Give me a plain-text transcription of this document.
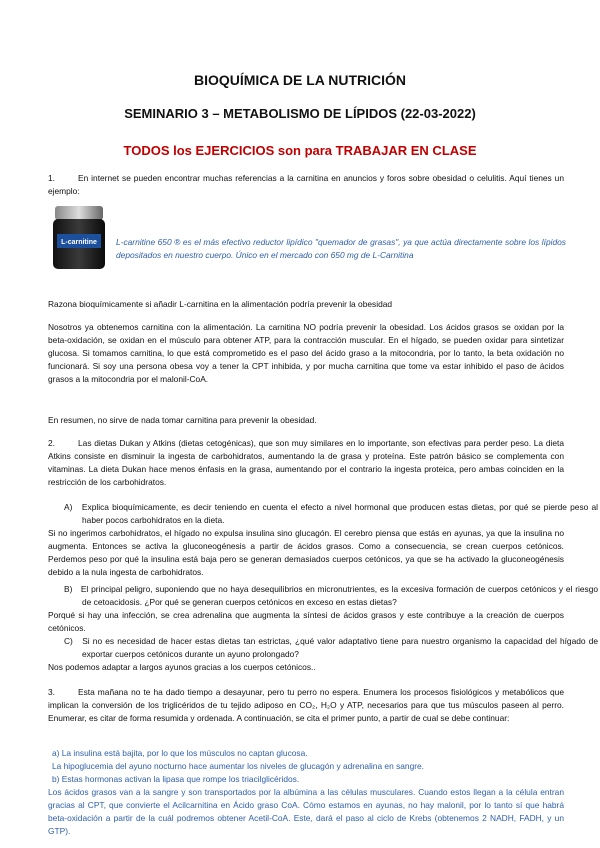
BIOQUÍMICA DE LA NUTRICIÓN
SEMINARIO 3 – METABOLISMO DE LÍPIDOS (22-03-2022)
TODOS los EJERCICIOS son para TRABAJAR EN CLASE
1.	En internet se pueden encontrar muchas referencias a la carnitina en anuncios y foros sobre obesidad o celulitis. Aquí tienes un ejemplo:
L-carnitine L-carnitine 650 ® es el más efectivo reductor lipídico "quemador de grasas", ya que actúa directamente sobre los lípidos depositados en nuestro cuerpo. Único en el mercado con 650 mg de L-Carnitina
Razona bioquímicamente si añadir L-carnitina en la alimentación podría prevenir la obesidad
Nosotros ya obtenemos carnitina con la alimentación. La carnitina NO podría prevenir la obesidad. Los ácidos grasos se oxidan por la beta-oxidación, se oxidan en el músculo para obtener ATP, para la contracción muscular. En el hígado, se pueden oxidar para sintetizar glucosa. Si tomamos carnitina, lo que está comprometido es el paso del ácido graso a la mitocondria, por lo tanto, la beta oxidación no funcionará. Si soy una persona obesa voy a tener la CPT inhibida, y por mucha carnitina que tome va estar inhibido el paso de ácidos grasos a la mitocondria por el malonil-CoA.
En resumen, no sirve de nada tomar carnitina para prevenir la obesidad.
2.	Las dietas Dukan y Atkins (dietas cetogénicas), que son muy similares en lo importante, son efectivas para perder peso. La dieta Atkins consiste en disminuir la ingesta de carbohidratos, aumentando la de grasa y proteína. Este patrón básico se complementa con vitaminas. La dieta Dukan hace menos énfasis en la grasa, aumentando por el contrario la ingesta proteica, pero ambas coinciden en la restricción de los carbohidratos.
A) Explica bioquímicamente, es decir teniendo en cuenta el efecto a nivel hormonal que producen estas dietas, por qué se pierde peso al haber pocos carbohidratos en la dieta.
Si no ingerimos carbohidratos, el hígado no expulsa insulina sino glucagón. El cerebro piensa que estás en ayunas, ya que la insulina no augmenta. Entonces se activa la gluconeogénesis a partir de ácidos grasos. Como a consecuencia, se crean cuerpos cetónicos. Perdemos peso por qué la insulina está baja pero se generan demasiados cuerpos cetónicos, ya que se ha activado la gluconeogénesis debido a la nula ingesta de carbohidratos.
B) El principal peligro, suponiendo que no haya desequilibrios en micronutrientes, es la excesiva formación de cuerpos cetónicos y el riesgo de cetoacidosis. ¿Por qué se generan cuerpos cetónicos en exceso en estas dietas?
Porqué si hay una infección, se crea adrenalina que augmenta la síntesi de ácidos grasos y este contribuye a la creación de cuerpos cetónicos.
C) Si no es necesidad de hacer estas dietas tan estrictas, ¿qué valor adaptativo tiene para nuestro organismo la capacidad del hígado de exportar cuerpos cetónicos durante un ayuno prolongado?
Nos podemos adaptar a largos ayunos gracias a los cuerpos cetónicos..
3.	Esta mañana no te ha dado tiempo a desayunar, pero tu perro no espera. Enumera los procesos fisiológicos y metabólicos que implican la conversión de los triglicéridos de tu tejido adiposo en CO₂, H₂O y ATP, necesarios para que tus músculos paseen al perro. Enumerar, es citar de forma resumida y ordenada. A continuación, se cita el primer punto, a partir de cual se debe continuar:
a) La insulina está bajita, por lo que los músculos no captan glucosa.
La hipoglucemia del ayuno nocturno hace aumentar los niveles de glucagón y adrenalina en sangre.
b) Estas hormonas activan la lipasa que rompe los triacilglicéridos.
Los ácidos grasos van a la sangre y son transportados por la albúmina a las células musculares. Cuando estos llegan a la célula entran gracias al CPT, que convierte el Acilcarnitina en Ácido graso CoA. Cómo estamos en ayunas, no hay malonil, por lo tanto sí que habrá beta-oxidación a partir de la cuál podremos obtener Acetil-CoA. Este, dará el paso al ciclo de Krebs (obtenemos 2 NADH, FADH, y un GTP).
